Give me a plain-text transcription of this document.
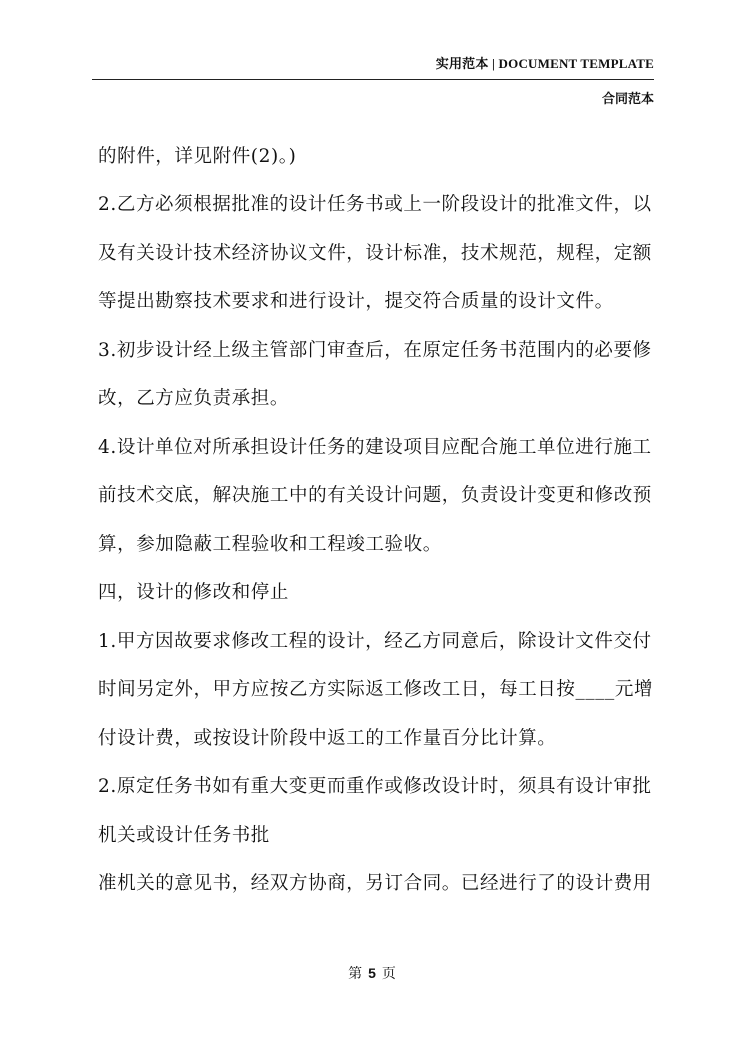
实用范本 | DOCUMENT TEMPLATE
合同范本
的附件，详见附件(2)。)
2.乙方必须根据批准的设计任务书或上一阶段设计的批准文件，以
及有关设计技术经济协议文件，设计标准，技术规范，规程，定额
等提出勘察技术要求和进行设计，提交符合质量的设计文件。
3.初步设计经上级主管部门审查后，在原定任务书范围内的必要修
改，乙方应负责承担。
4.设计单位对所承担设计任务的建设项目应配合施工单位进行施工
前技术交底，解决施工中的有关设计问题，负责设计变更和修改预
算，参加隐蔽工程验收和工程竣工验收。
四，设计的修改和停止
1.甲方因故要求修改工程的设计，经乙方同意后，除设计文件交付
时间另定外，甲方应按乙方实际返工修改工日，每工日按____元增
付设计费，或按设计阶段中返工的工作量百分比计算。
2.原定任务书如有重大变更而重作或修改设计时，须具有设计审批
机关或设计任务书批
准机关的意见书，经双方协商，另订合同。已经进行了的设计费用
第 5 页
